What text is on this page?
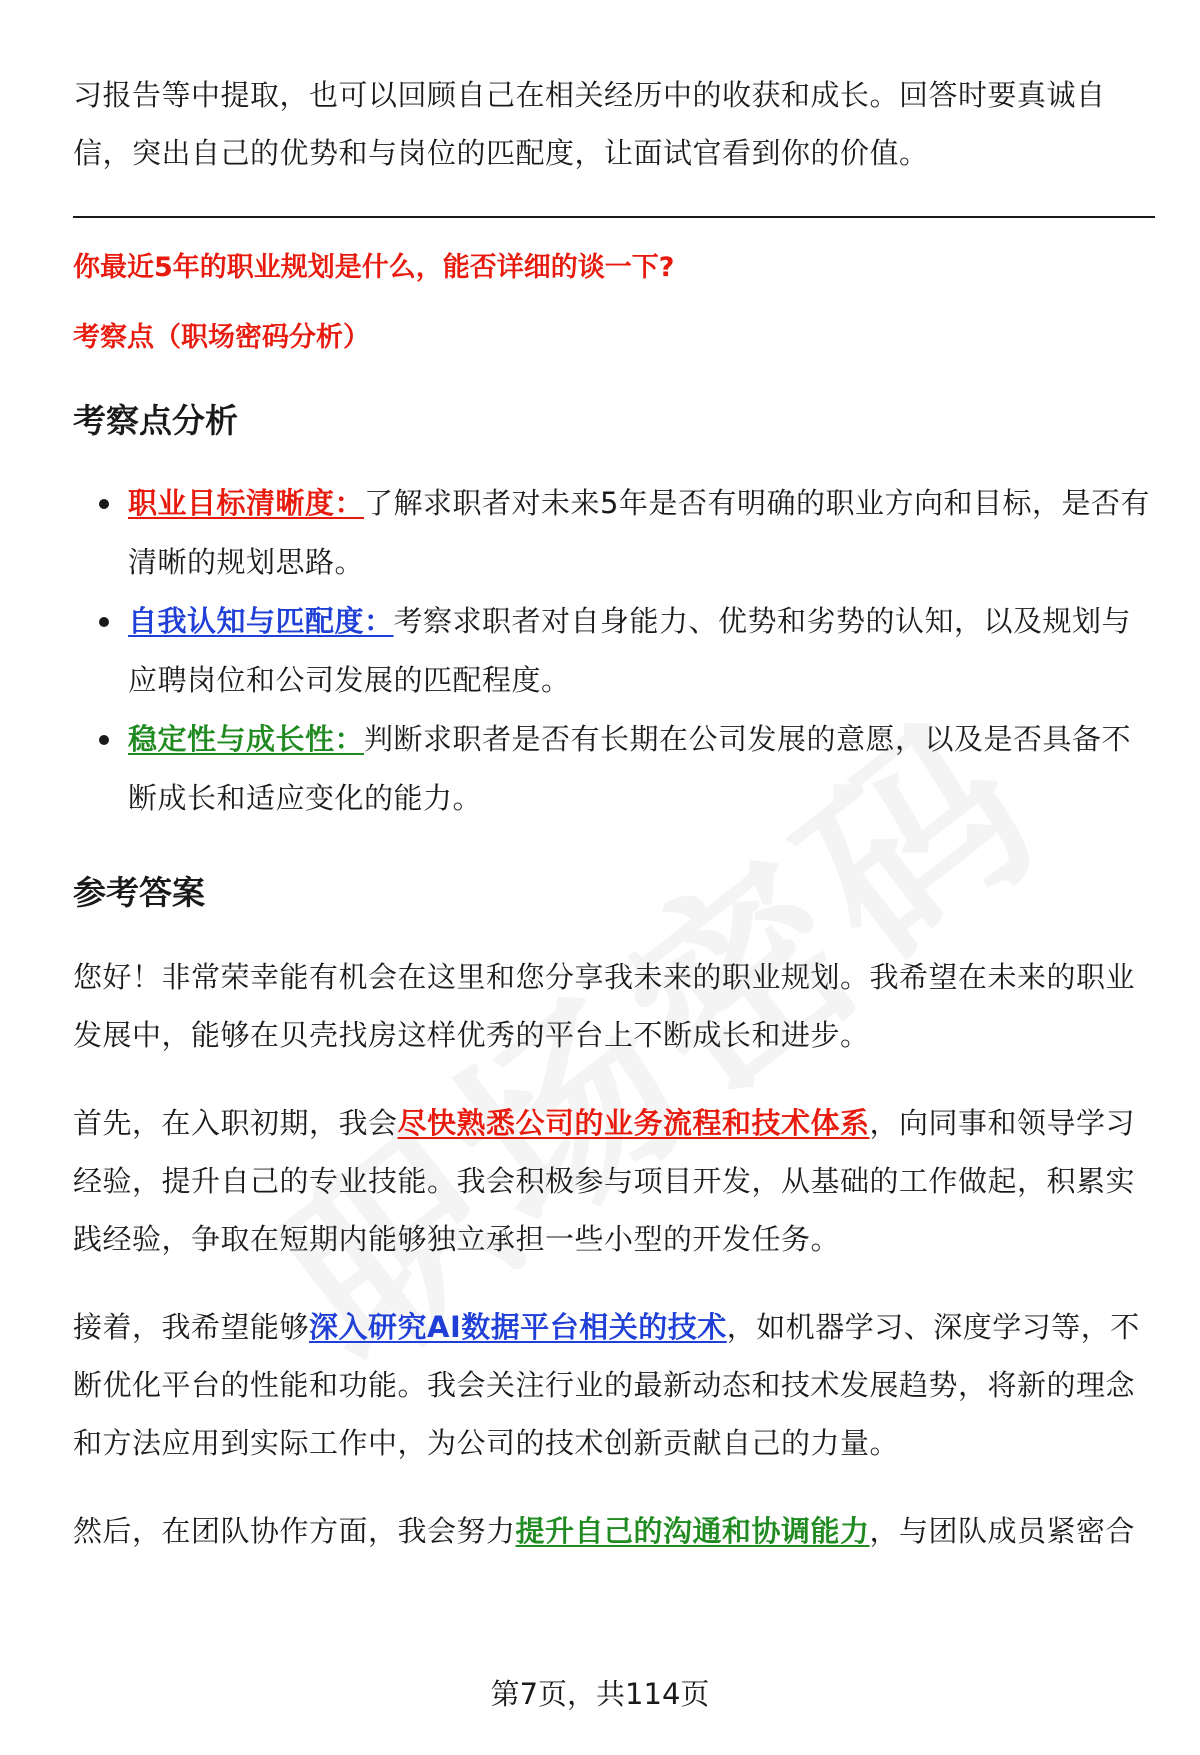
习报告等中提取，也可以回顾自己在相关经历中的收获和成长。回答时要真诚自信，突出自己的优势和与岗位的匹配度，让面试官看到你的价值。

你最近5年的职业规划是什么，能否详细的谈一下?

考察点（职场密码分析）

考察点分析
职业目标清晰度：了解求职者对未来5年是否有明确的职业方向和目标，是否有清晰的规划思路。
自我认知与匹配度：考察求职者对自身能力、优势和劣势的认知，以及规划与应聘岗位和公司发展的匹配程度。
稳定性与成长性：判断求职者是否有长期在公司发展的意愿，以及是否具备不断成长和适应变化的能力。
参考答案

您好！非常荣幸能有机会在这里和您分享我未来的职业规划。我希望在未来的职业发展中，能够在贝壳找房这样优秀的平台上不断成长和进步。

首先，在入职初期，我会尽快熟悉公司的业务流程和技术体系，向同事和领导学习经验，提升自己的专业技能。我会积极参与项目开发，从基础的工作做起，积累实践经验，争取在短期内能够独立承担一些小型的开发任务。

接着，我希望能够深入研究AI数据平台相关的技术，如机器学习、深度学习等，不断优化平台的性能和功能。我会关注行业的最新动态和技术发展趋势，将新的理念和方法应用到实际工作中，为公司的技术创新贡献自己的力量。

然后，在团队协作方面，我会努力提升自己的沟通和协调能力，与团队成员紧密合

第7页，共114页
